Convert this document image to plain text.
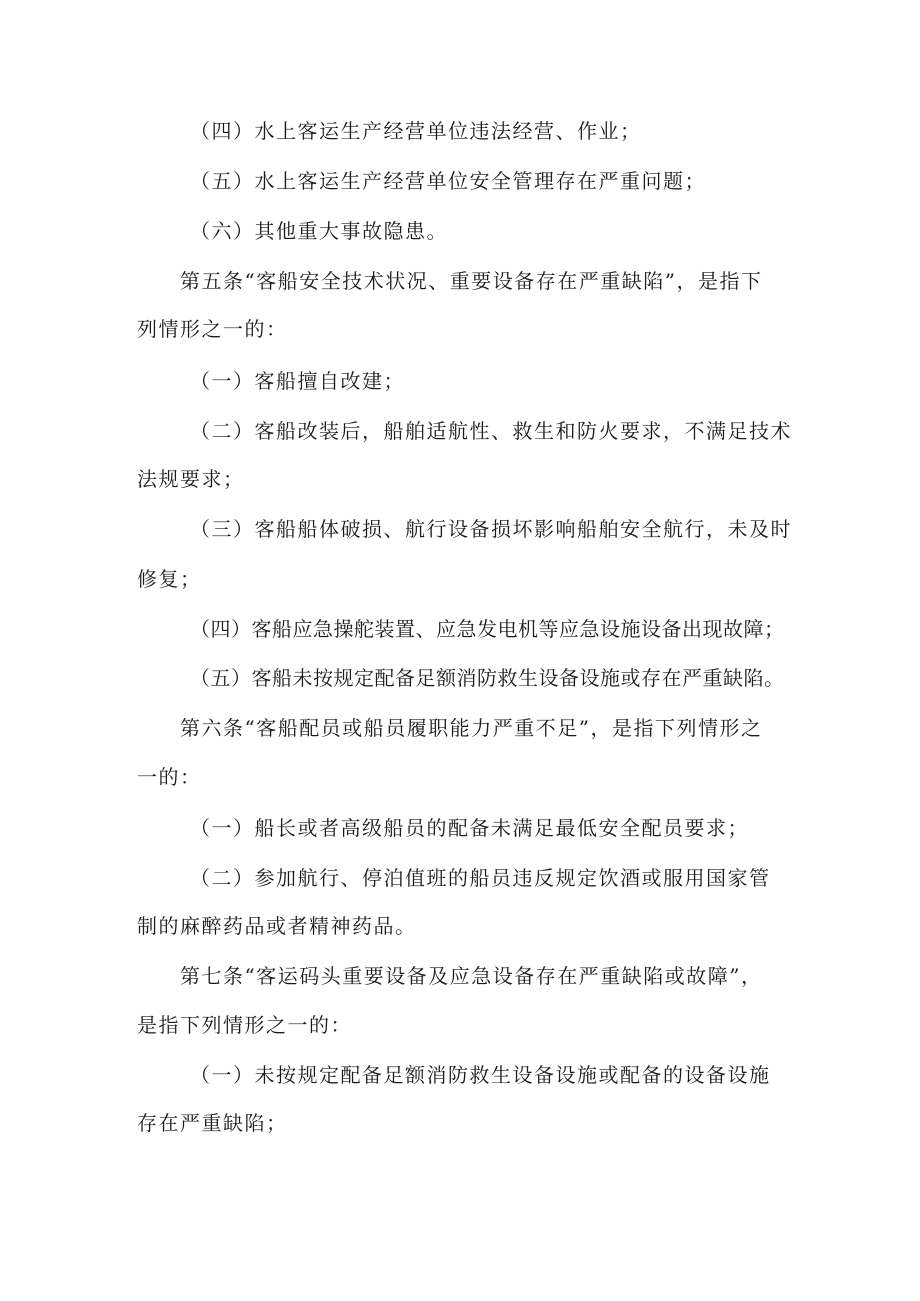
（四）水上客运生产经营单位违法经营、作业；
（五）水上客运生产经营单位安全管理存在严重问题；
（六）其他重大事故隐患。
第五条“客船安全技术状况、重要设备存在严重缺陷”，是指下
列情形之一的：
（一）客船擅自改建；
（二）客船改装后，船舶适航性、救生和防火要求，不满足技术
法规要求；
（三）客船船体破损、航行设备损坏影响船舶安全航行，未及时
修复；
（四）客船应急操舵装置、应急发电机等应急设施设备出现故障；
（五）客船未按规定配备足额消防救生设备设施或存在严重缺陷。
第六条“客船配员或船员履职能力严重不足”，是指下列情形之
一的：
（一）船长或者高级船员的配备未满足最低安全配员要求；
（二）参加航行、停泊值班的船员违反规定饮酒或服用国家管
制的麻醉药品或者精神药品。
第七条“客运码头重要设备及应急设备存在严重缺陷或故障”，
是指下列情形之一的：
（一）未按规定配备足额消防救生设备设施或配备的设备设施
存在严重缺陷；
